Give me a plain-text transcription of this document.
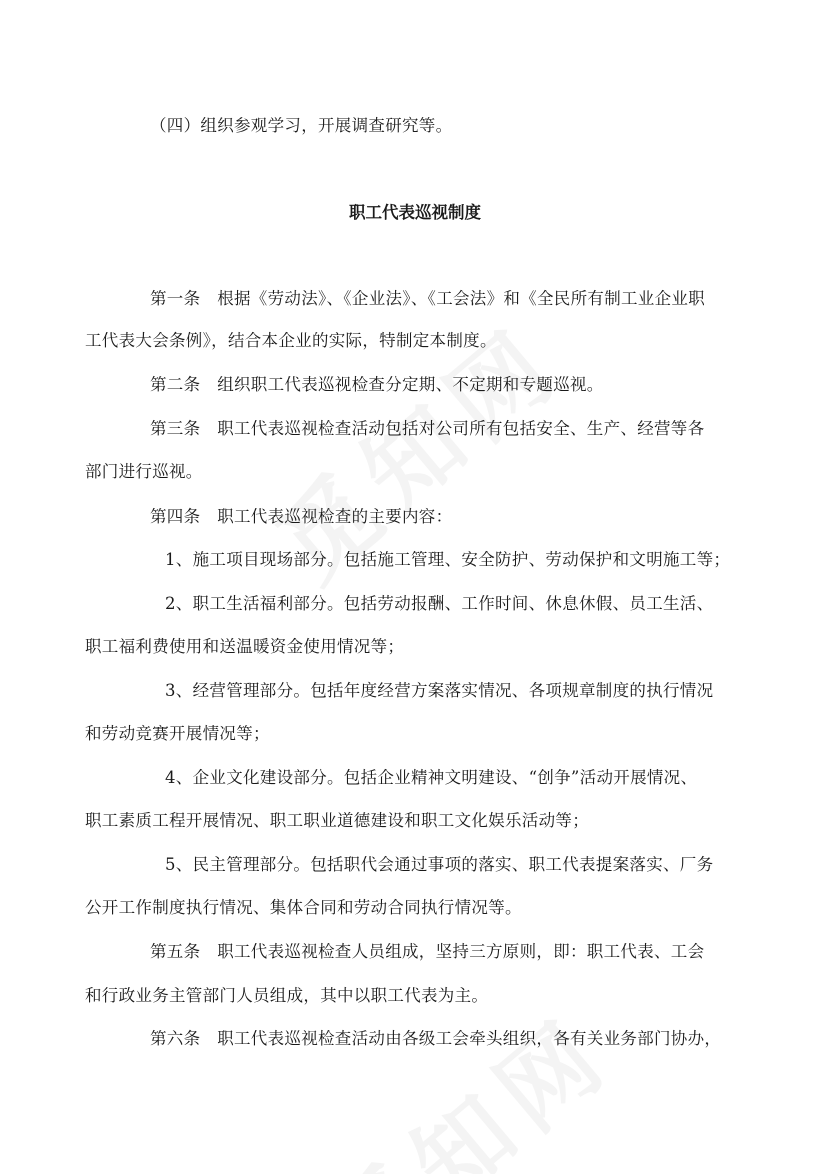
（四）组织参观学习，开展调查研究等。
职工代表巡视制度
第一条　根据《劳动法》、《企业法》、《工会法》和《全民所有制工业企业职
工代表大会条例》，结合本企业的实际，特制定本制度。
第二条　组织职工代表巡视检查分定期、不定期和专题巡视。
第三条　职工代表巡视检查活动包括对公司所有包括安全、生产、经营等各
部门进行巡视。
第四条　职工代表巡视检查的主要内容：
1、施工项目现场部分。包括施工管理、安全防护、劳动保护和文明施工等；
2、职工生活福利部分。包括劳动报酬、工作时间、休息休假、员工生活、
职工福利费使用和送温暖资金使用情况等；
3、经营管理部分。包括年度经营方案落实情况、各项规章制度的执行情况
和劳动竞赛开展情况等；
4、企业文化建设部分。包括企业精神文明建设、“创争”活动开展情况、
职工素质工程开展情况、职工职业道德建设和职工文化娱乐活动等；
5、民主管理部分。包括职代会通过事项的落实、职工代表提案落实、厂务
公开工作制度执行情况、集体合同和劳动合同执行情况等。
第五条　职工代表巡视检查人员组成，坚持三方原则，即：职工代表、工会
和行政业务主管部门人员组成，其中以职工代表为主。
第六条　职工代表巡视检查活动由各级工会牵头组织，各有关业务部门协办，
